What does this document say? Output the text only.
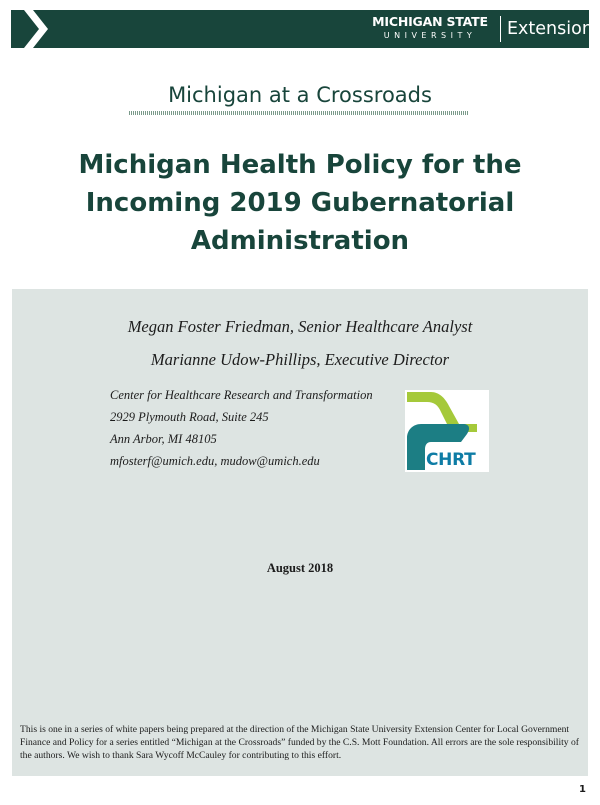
MICHIGAN STATE
UNIVERSITY	Extension
Michigan at a Crossroads
Michigan Health Policy for the
Incoming 2019 Gubernatorial
Administration
Megan Foster Friedman, Senior Healthcare Analyst
Marianne Udow-Phillips, Executive Director
Center for Healthcare Research and Transformation
2929 Plymouth Road, Suite 245
Ann Arbor, MI 48105
mfosterf@umich.edu, mudow@umich.edu	CHRT
August 2018
This is one in a series of white papers being prepared at the direction of the Michigan State University Extension Center for Local Government Finance and Policy for a series entitled “Michigan at the Crossroads” funded by the C.S. Mott Foundation. All errors are the sole responsibility of the authors. We wish to thank Sara Wycoff McCauley for contributing to this effort.
1
